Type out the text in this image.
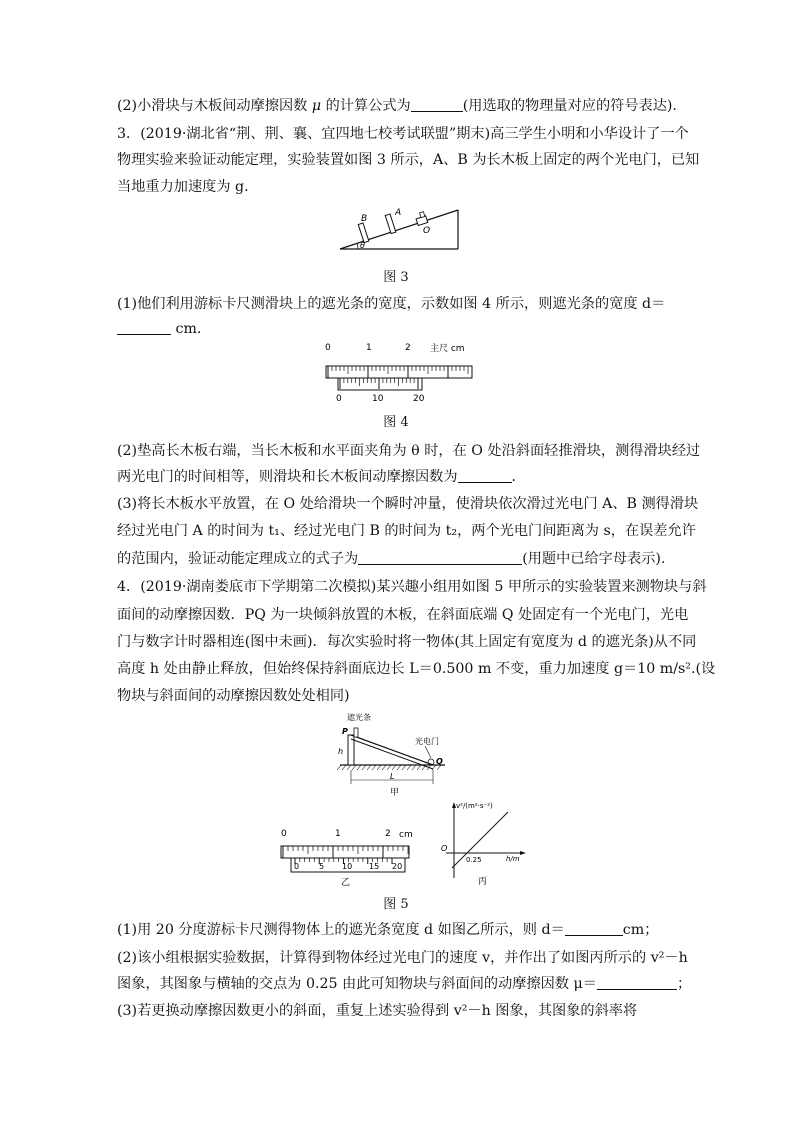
(2)小滑块与木板间动摩擦因数 μ 的计算公式为	(用选取的物理量对应的符号表达).
3．(2019·湖北省“荆、荆、襄、宜四地七校考试联盟”期末)高三学生小明和小华设计了一个
物理实验来验证动能定理，实验装置如图 3 所示，A、B 为长木板上固定的两个光电门，已知
当地重力加速度为 g.
B
A
O
θ
图 3
(1)他们利用游标卡尺测滑块上的遮光条的宽度，示数如图 4 所示，则遮光条的宽度 d＝
cm.
0	1	2 主尺 cm
0	10	20
图 4
(2)垫高长木板右端，当长木板和水平面夹角为 θ 时，在 O 处沿斜面轻推滑块，测得滑块经过
两光电门的时间相等，则滑块和长木板间动摩擦因数为	．
(3)将长木板水平放置，在 O 处给滑块一个瞬时冲量，使滑块依次滑过光电门 A、B 测得滑块
经过光电门 A 的时间为 t₁、经过光电门 B 的时间为 t₂，两个光电门间距离为 s，在误差允许
的范围内，验证动能定理成立的式子为	(用题中已给字母表示).
4．(2019·湖南娄底市下学期第二次模拟)某兴趣小组用如图 5 甲所示的实验装置来测物块与斜
面间的动摩擦因数．PQ 为一块倾斜放置的木板，在斜面底端 Q 处固定有一个光电门，光电
门与数字计时器相连(图中未画)．每次实验时将一物体(其上固定有宽度为 d 的遮光条)从不同
高度 h 处由静止释放，但始终保持斜面底边长 L＝0.500 m 不变，重力加速度 g＝10 m/s².(设
物块与斜面间的动摩擦因数处处相同)
遮光条
光电门
P
Q
h
L
甲
0	1	2 cm
0 5 10 15 20
乙
v²/(m²·s⁻²)
h/m
O
0.25
丙
图 5
(1)用 20 分度游标卡尺测得物体上的遮光条宽度 d 如图乙所示，则 d＝	cm；
(2)该小组根据实验数据，计算得到物体经过光电门的速度 v，并作出了如图丙所示的 v²－h
图象，其图象与横轴的交点为 0.25 由此可知物块与斜面间的动摩擦因数 μ＝	；
(3)若更换动摩擦因数更小的斜面，重复上述实验得到 v²－h 图象，其图象的斜率将
